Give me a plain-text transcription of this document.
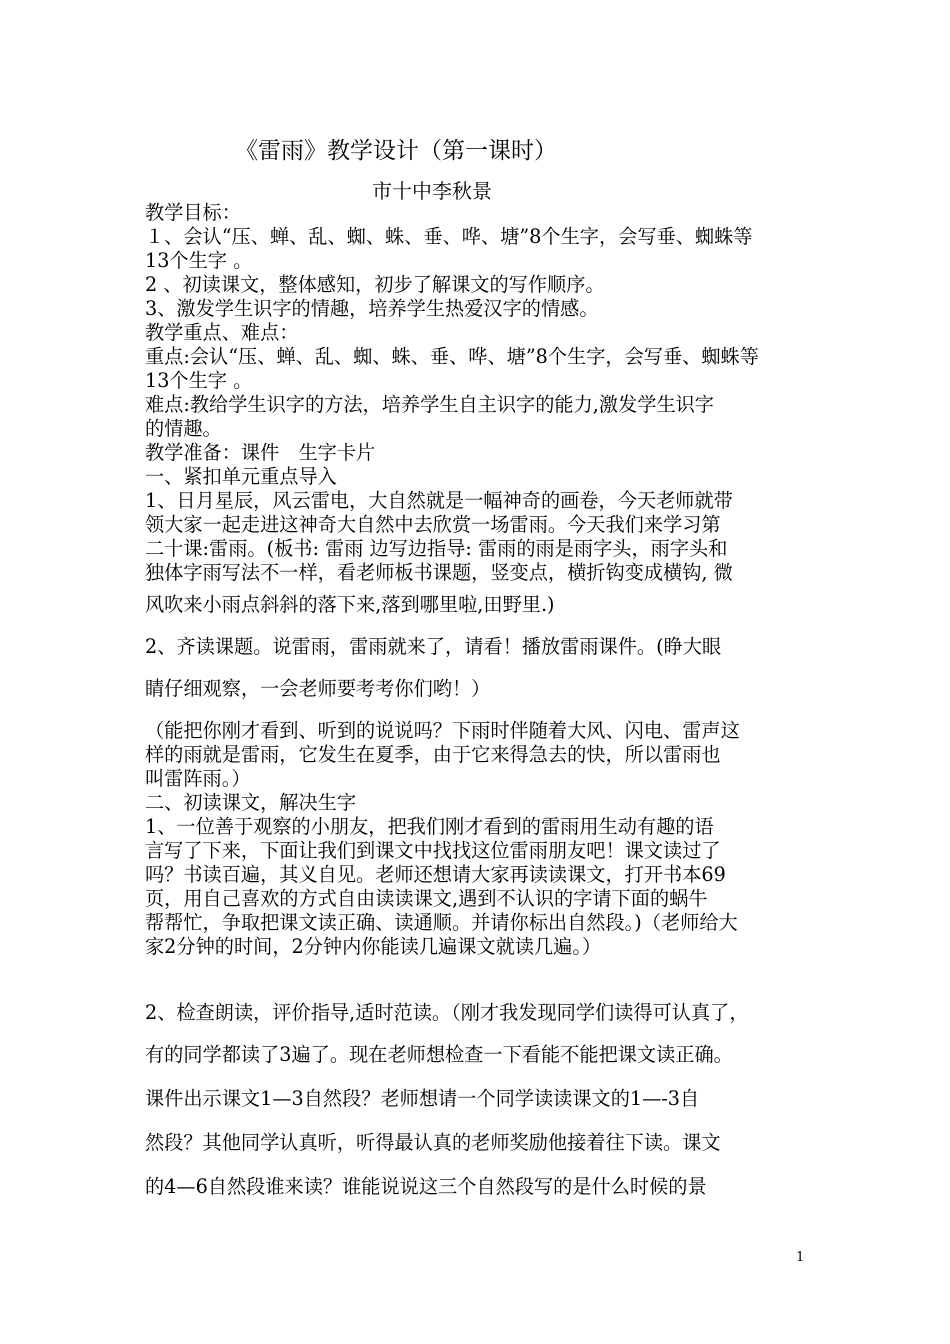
《雷雨》教学设计（第一课时）
市十中李秋景
教学目标：
１、会认“压、蝉、乱、蜘、蛛、垂、哗、塘”8个生字，会写垂、蜘蛛等
13个生字 。
2 、初读课文，整体感知，初步了解课文的写作顺序。
3、激发学生识字的情趣，培养学生热爱汉字的情感。
教学重点、难点：
重点:会认“压、蝉、乱、蜘、蛛、垂、哗、塘”8个生字，会写垂、蜘蛛等
13个生字 。
难点:教给学生识字的方法，培养学生自主识字的能力,激发学生识字
的情趣。
教学准备：课件　生字卡片
一、紧扣单元重点导入
1、日月星辰，风云雷电，大自然就是一幅神奇的画卷，今天老师就带
领大家一起走进这神奇大自然中去欣赏一场雷雨。今天我们来学习第
二十课:雷雨。(板书: 雷雨 边写边指导: 雷雨的雨是雨字头，雨字头和
独体字雨写法不一样，看老师板书课题，竖变点，横折钩变成横钩, 微
风吹来小雨点斜斜的落下来,落到哪里啦,田野里.)
2、齐读课题。说雷雨，雷雨就来了，请看！播放雷雨课件。(睁大眼
睛仔细观察，一会老师要考考你们哟！）
（能把你刚才看到、听到的说说吗？下雨时伴随着大风、闪电、雷声这
样的雨就是雷雨，它发生在夏季，由于它来得急去的快，所以雷雨也
叫雷阵雨。）
二、初读课文，解决生字
1、一位善于观察的小朋友，把我们刚才看到的雷雨用生动有趣的语
言写了下来，下面让我们到课文中找找这位雷雨朋友吧！课文读过了
吗？书读百遍，其义自见。老师还想请大家再读读课文，打开书本69
页，用自己喜欢的方式自由读读课文,遇到不认识的字请下面的蜗牛
帮帮忙，争取把课文读正确、读通顺。并请你标出自然段。)（老师给大
家2分钟的时间，2分钟内你能读几遍课文就读几遍。）
2、检查朗读，评价指导,适时范读。（刚才我发现同学们读得可认真了，
有的同学都读了3遍了。现在老师想检查一下看能不能把课文读正确。
课件出示课文1—3自然段？老师想请一个同学读读课文的1—-3自
然段？其他同学认真听，听得最认真的老师奖励他接着往下读。课文
的4—6自然段谁来读？谁能说说这三个自然段写的是什么时候的景
1
